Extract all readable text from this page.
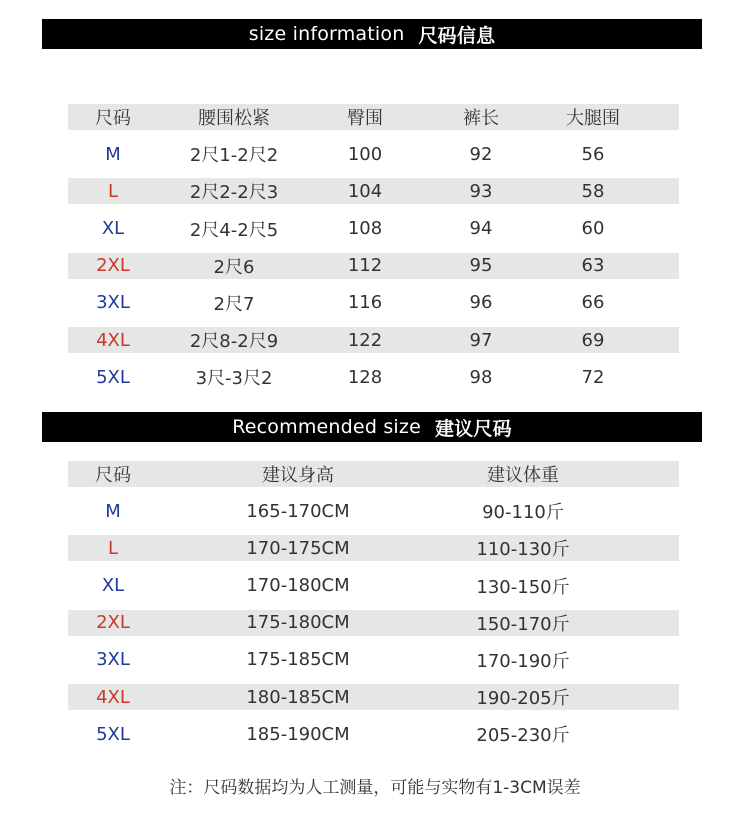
size information 尺码信息
尺码	腰围松紧	臀围	裤长	大腿围
M	2尺1-2尺2	100	92	56
L	2尺2-2尺3	104	93	58
XL	2尺4-2尺5	108	94	60
2XL	2尺6	112	95	63
3XL	2尺7	116	96	66
4XL	2尺8-2尺9	122	97	69
5XL	3尺-3尺2	128	98	72
Recommended size 建议尺码
尺码	建议身高	建议体重
M	165-170CM	90-110斤
L	170-175CM	110-130斤
XL	170-180CM	130-150斤
2XL	175-180CM	150-170斤
3XL	175-185CM	170-190斤
4XL	180-185CM	190-205斤
5XL	185-190CM	205-230斤
注：尺码数据均为人工测量，可能与实物有1-3CM误差
